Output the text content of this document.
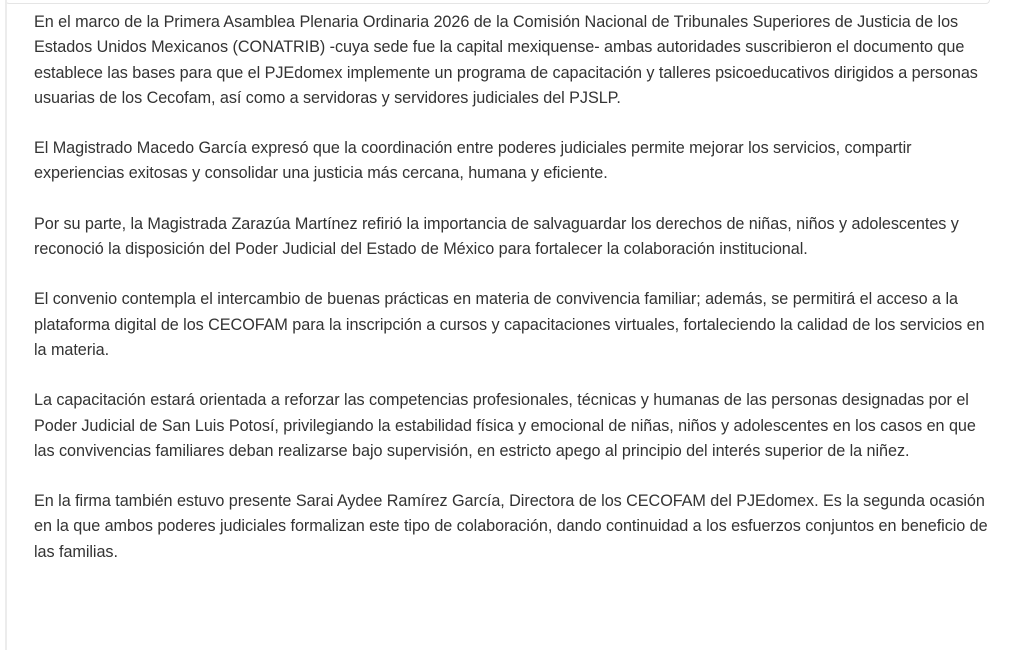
En el marco de la Primera Asamblea Plenaria Ordinaria 2026 de la Comisión Nacional de Tribunales Superiores de Justicia de los Estados Unidos Mexicanos (CONATRIB) -cuya sede fue la capital mexiquense- ambas autoridades suscribieron el documento que establece las bases para que el PJEdomex implemente un programa de capacitación y talleres psicoeducativos dirigidos a personas usuarias de los Cecofam, así como a servidoras y servidores judiciales del PJSLP.

El Magistrado Macedo García expresó que la coordinación entre poderes judiciales permite mejorar los servicios, compartir experiencias exitosas y consolidar una justicia más cercana, humana y eficiente.

Por su parte, la Magistrada Zarazúa Martínez refirió la importancia de salvaguardar los derechos de niñas, niños y adolescentes y reconoció la disposición del Poder Judicial del Estado de México para fortalecer la colaboración institucional.

El convenio contempla el intercambio de buenas prácticas en materia de convivencia familiar; además, se permitirá el acceso a la plataforma digital de los CECOFAM para la inscripción a cursos y capacitaciones virtuales, fortaleciendo la calidad de los servicios en la materia.

La capacitación estará orientada a reforzar las competencias profesionales, técnicas y humanas de las personas designadas por el Poder Judicial de San Luis Potosí, privilegiando la estabilidad física y emocional de niñas, niños y adolescentes en los casos en que las convivencias familiares deban realizarse bajo supervisión, en estricto apego al principio del interés superior de la niñez.

En la firma también estuvo presente Sarai Aydee Ramírez García, Directora de los CECOFAM del PJEdomex. Es la segunda ocasión en la que ambos poderes judiciales formalizan este tipo de colaboración, dando continuidad a los esfuerzos conjuntos en beneficio de las familias.
